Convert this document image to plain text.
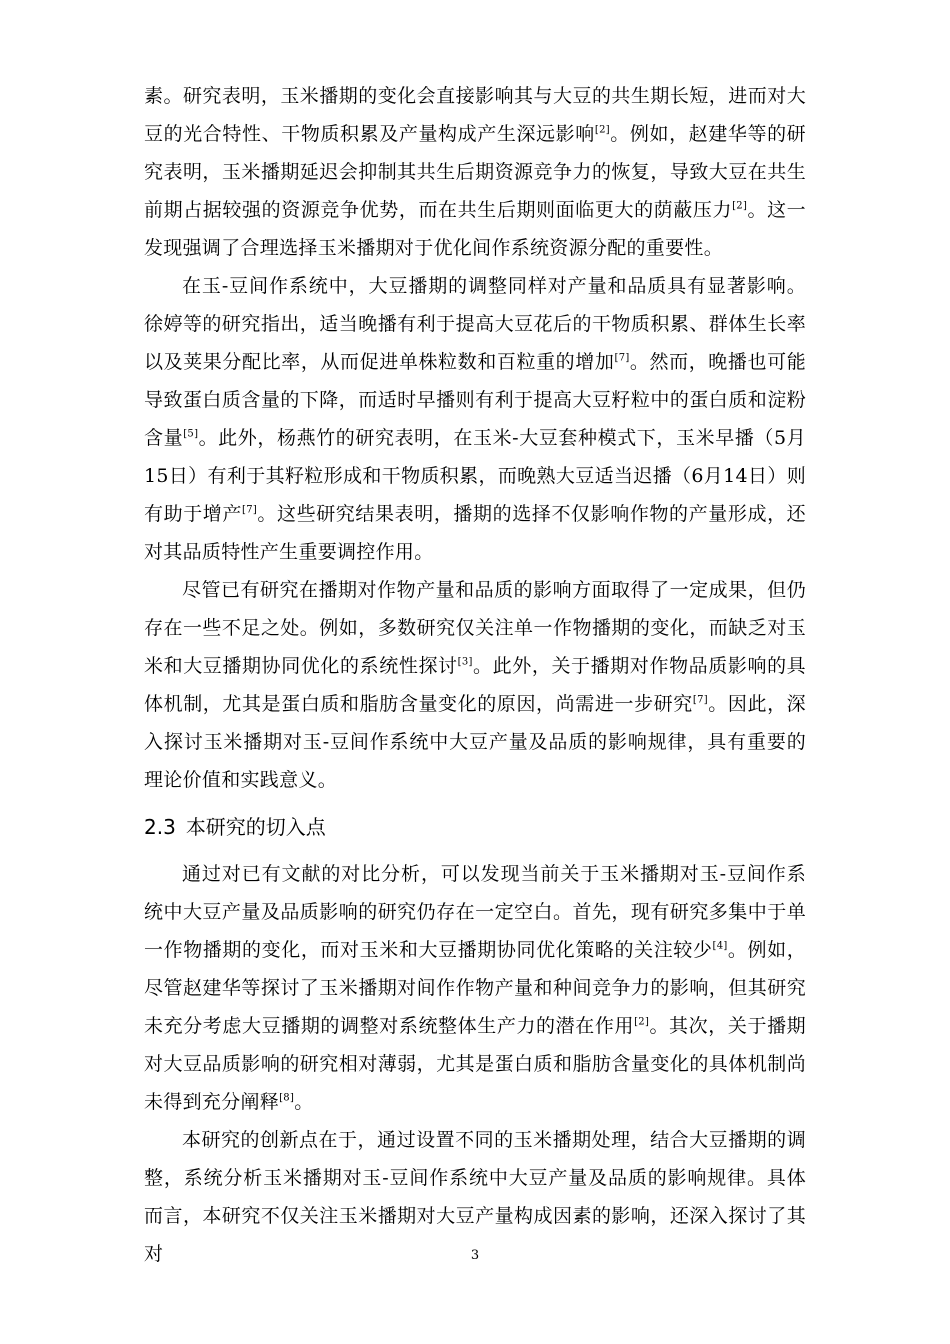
素。研究表明，玉米播期的变化会直接影响其与大豆的共生期长短，进而对大豆的光合特性、干物质积累及产量构成产生深远影响[2]。例如，赵建华等的研究表明，玉米播期延迟会抑制其共生后期资源竞争力的恢复，导致大豆在共生前期占据较强的资源竞争优势，而在共生后期则面临更大的荫蔽压力[2]。这一发现强调了合理选择玉米播期对于优化间作系统资源分配的重要性。

在玉-豆间作系统中，大豆播期的调整同样对产量和品质具有显著影响。徐婷等的研究指出，适当晚播有利于提高大豆花后的干物质积累、群体生长率以及荚果分配比率，从而促进单株粒数和百粒重的增加[7]。然而，晚播也可能导致蛋白质含量的下降，而适时早播则有利于提高大豆籽粒中的蛋白质和淀粉含量[5]。此外，杨燕竹的研究表明，在玉米-大豆套种模式下，玉米早播（5月15日）有利于其籽粒形成和干物质积累，而晚熟大豆适当迟播（6月14日）则有助于增产[7]。这些研究结果表明，播期的选择不仅影响作物的产量形成，还对其品质特性产生重要调控作用。

尽管已有研究在播期对作物产量和品质的影响方面取得了一定成果，但仍存在一些不足之处。例如，多数研究仅关注单一作物播期的变化，而缺乏对玉米和大豆播期协同优化的系统性探讨[3]。此外，关于播期对作物品质影响的具体机制，尤其是蛋白质和脂肪含量变化的原因，尚需进一步研究[7]。因此，深入探讨玉米播期对玉-豆间作系统中大豆产量及品质的影响规律，具有重要的理论价值和实践意义。

2.3 本研究的切入点

通过对已有文献的对比分析，可以发现当前关于玉米播期对玉-豆间作系统中大豆产量及品质影响的研究仍存在一定空白。首先，现有研究多集中于单一作物播期的变化，而对玉米和大豆播期协同优化策略的关注较少[4]。例如，尽管赵建华等探讨了玉米播期对间作作物产量和种间竞争力的影响，但其研究未充分考虑大豆播期的调整对系统整体生产力的潜在作用[2]。其次，关于播期对大豆品质影响的研究相对薄弱，尤其是蛋白质和脂肪含量变化的具体机制尚未得到充分阐释[8]。

本研究的创新点在于，通过设置不同的玉米播期处理，结合大豆播期的调整，系统分析玉米播期对玉-豆间作系统中大豆产量及品质的影响规律。具体而言，本研究不仅关注玉米播期对大豆产量构成因素的影响，还深入探讨了其对	3
